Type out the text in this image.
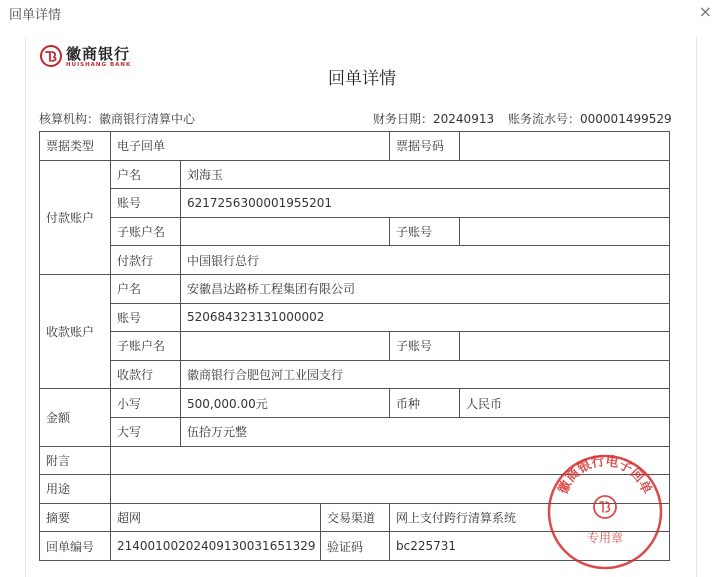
回单详情	×
徽商银行
HUISHANG BANK
回单详情
核算机构：徽商银行清算中心	财务日期：20240913 账务流水号：000001499529
票据类型	电子回单			票据号码	
付款账户	户名	刘海玉			
	账号	6217256300001955201			
	子账户名			子账号	
	付款行	中国银行总行			
收款账户	户名	安徽昌达路桥工程集团有限公司			
	账号	520684323131000002			
	子账户名			子账号	
	收款行	徽商银行合肥包河工业园支行			
金额	小写	500,000.00元		币种	人民币
	大写	伍拾万元整			
附言					
用途					
摘要	超网		交易渠道	网上支付跨行清算系统	
回单编号	2140010020240913003165132​9		验证码	bc225731	
徽商银行电子回单
专用章
